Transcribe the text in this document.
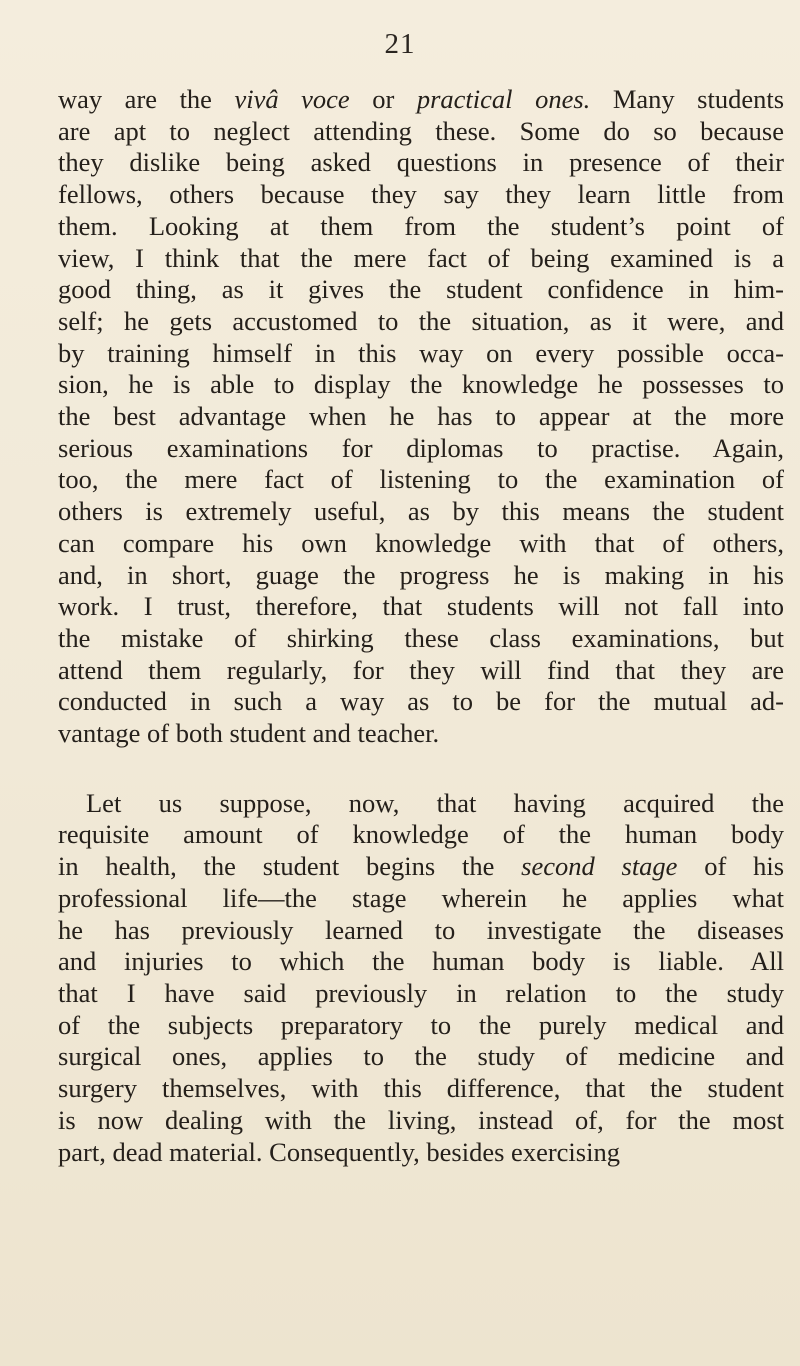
21
way are the vivâ voce or practical ones. Many students
are apt to neglect attending these. Some do so because
they dislike being asked questions in presence of their
fellows, others because they say they learn little from
them. Looking at them from the student’s point of
view, I think that the mere fact of being examined is a
good thing, as it gives the student confidence in him-
self; he gets accustomed to the situation, as it were, and
by training himself in this way on every possible occa-
sion, he is able to display the knowledge he possesses to
the best advantage when he has to appear at the more
serious examinations for diplomas to practise. Again,
too, the mere fact of listening to the examination of
others is extremely useful, as by this means the student
can compare his own knowledge with that of others,
and, in short, guage the progress he is making in his
work. I trust, therefore, that students will not fall into
the mistake of shirking these class examinations, but
attend them regularly, for they will find that they are
conducted in such a way as to be for the mutual ad-
vantage of both student and teacher.
Let us suppose, now, that having acquired the
requisite amount of knowledge of the human body
in health, the student begins the second stage of his
professional life—the stage wherein he applies what
he has previously learned to investigate the diseases
and injuries to which the human body is liable. All
that I have said previously in relation to the study
of the subjects preparatory to the purely medical and
surgical ones, applies to the study of medicine and
surgery themselves, with this difference, that the student
is now dealing with the living, instead of, for the most
part, dead material. Consequently, besides exercising
